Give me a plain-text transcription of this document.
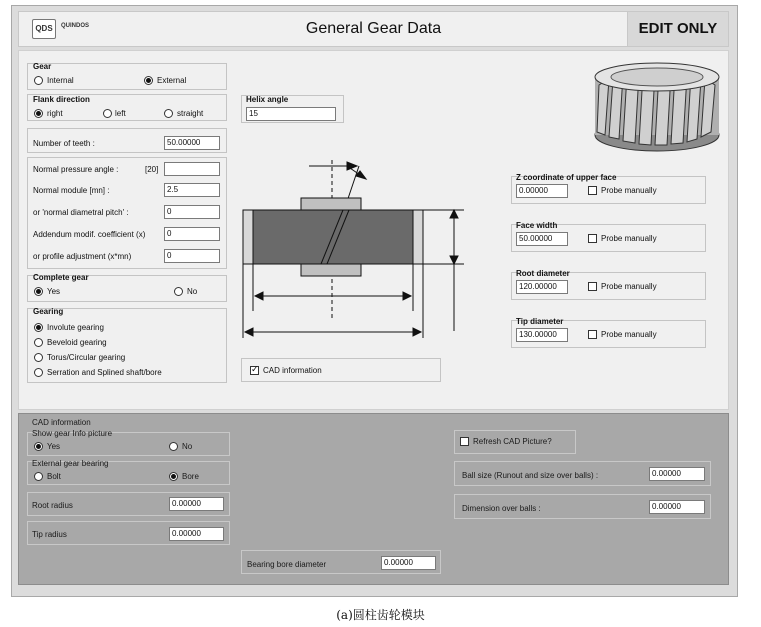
QDS	QUINDOS	General Gear Data	EDIT ONLY
Gear
Internal	External
Flank direction
right	left	straight
Number of teeth :	50.00000
Normal pressure angle :	[20]
Normal module [mn] :	2.5
or 'normal diametral pitch' :	0
Addendum modif. coefficient (x)	0
or profile adjustment (x*mn)	0
Complete gear
Yes	No
Gearing
Involute gearing
Beveloid gearing
Torus/Circular gearing
Serration and Splined shaft/bore
Helix angle
15
✓
CAD information
Z coordinate of upper face
0.00000	Probe manually
Face width
50.00000	Probe manually
Root diameter
120.00000	Probe manually
Tip diameter
130.00000	Probe manually
CAD information
Show gear Info picture
Yes	No
External gear bearing
Bolt	Bore
Root radius	0.00000
Tip radius	0.00000
Bearing bore diameter	0.00000
Refresh CAD Picture?
Ball size (Runout and size over balls) :	0.00000
Dimension over balls :	0.00000
(a)圆柱齿轮模块
